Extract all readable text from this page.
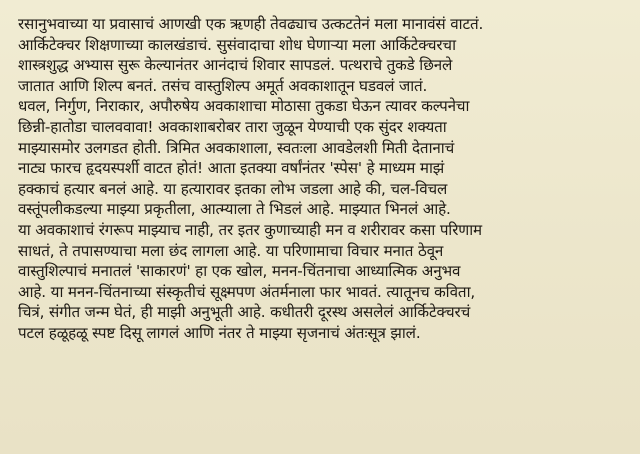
रसानुभवाच्या या प्रवासाचं आणखी एक ऋणही तेवढ्याच उत्कटतेनं मला मानावंसं वाटतं.
आर्किटेक्चर शिक्षणाच्या कालखंडाचं. सुसंवादाचा शोध घेणाऱ्या मला आर्किटेक्चरचा
शास्त्रशुद्ध अभ्यास सुरू केल्यानंतर आनंदाचं शिवार सापडलं. पत्थराचे तुकडे छिनले
जातात आणि शिल्प बनतं. तसंच वास्तुशिल्प अमूर्त अवकाशातून घडवलं जातं.
धवल, निर्गुण, निराकार, अपौरुषेय अवकाशाचा मोठासा तुकडा घेऊन त्यावर कल्पनेचा
छिन्नी-हातोडा चालववावा! अवकाशाबरोबर तारा जुळून येण्याची एक सुंदर शक्यता
माझ्यासमोर उलगडत होती. त्रिमित अवकाशाला, स्वतःला आवडेलशी मिती देतानाचं
नाट्य फारच हृदयस्पर्शी वाटत होतं! आता इतक्या वर्षांनंतर 'स्पेस' हे माध्यम माझं
हक्काचं हत्यार बनलं आहे. या हत्यारावर इतका लोभ जडला आहे की, चल-विचल
वस्तूंपलीकडल्या माझ्या प्रकृतीला, आत्म्याला ते भिडलं आहे. माझ्यात भिनलं आहे.
या अवकाशाचं रंगरूप माझ्याच नाही, तर इतर कुणाच्याही मन व शरीरावर कसा परिणाम
साधतं, ते तपासण्याचा मला छंद लागला आहे. या परिणामाचा विचार मनात ठेवून
वास्तुशिल्पाचं मनातलं 'साकारणं' हा एक खोल, मनन-चिंतनाचा आध्यात्मिक अनुभव
आहे. या मनन-चिंतनाच्या संस्कृतीचं सूक्ष्मपण अंतर्मनाला फार भावतं. त्यातूनच कविता,
चित्रं, संगीत जन्म घेतं, ही माझी अनुभूती आहे. कधीतरी दूरस्थ असलेलं आर्किटेक्चरचं
पटल हळूहळू स्पष्ट दिसू लागलं आणि नंतर ते माझ्या सृजनाचं अंतःसूत्र झालं.
